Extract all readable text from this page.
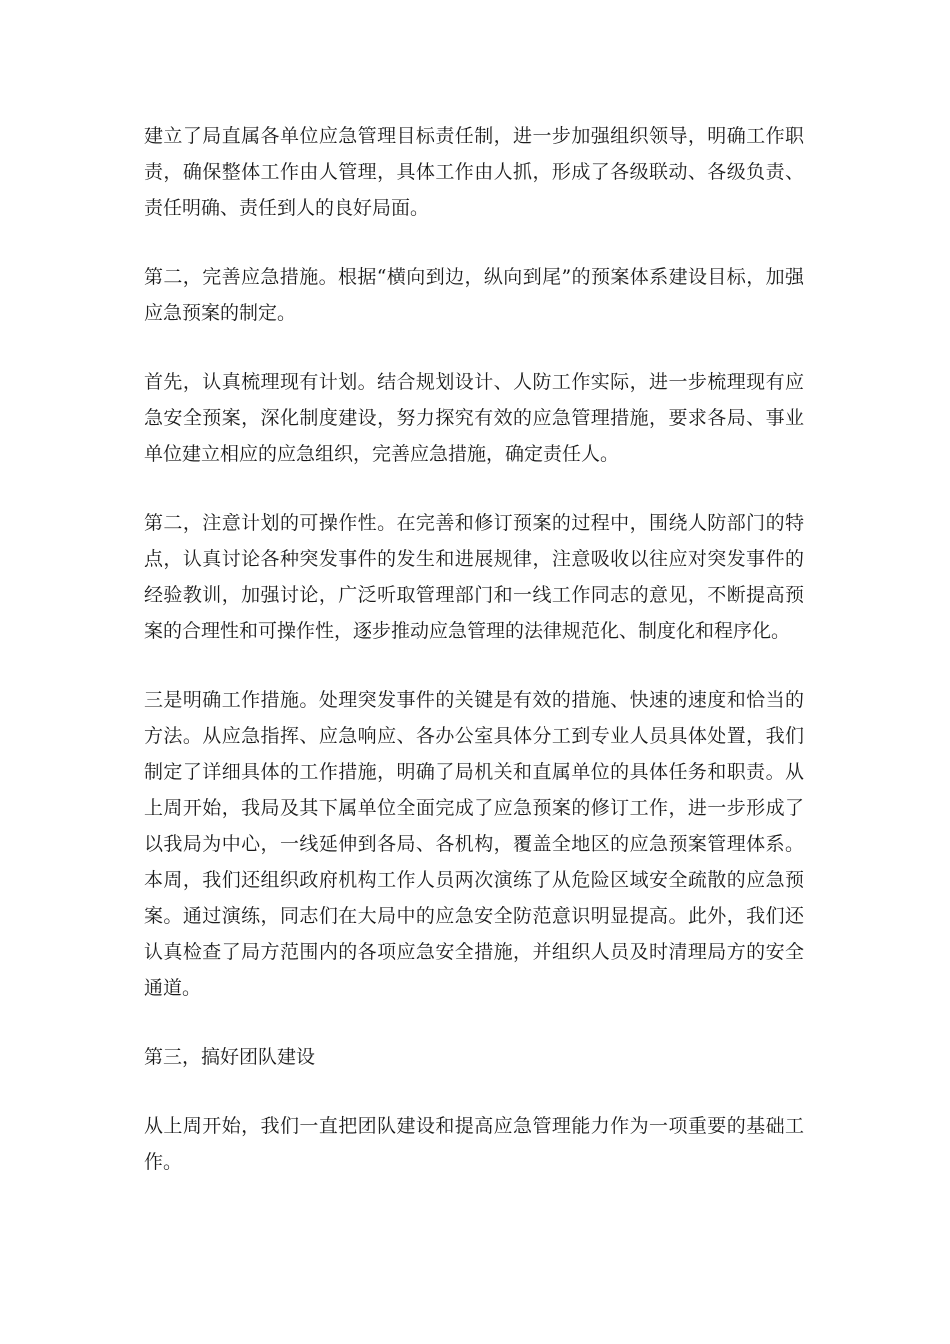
建立了局直属各单位应急管理目标责任制，进一步加强组织领导，明确工作职责，确保整体工作由人管理，具体工作由人抓，形成了各级联动、各级负责、责任明确、责任到人的良好局面。

第二，完善应急措施。根据“横向到边，纵向到尾”的预案体系建设目标，加强应急预案的制定。

首先，认真梳理现有计划。结合规划设计、人防工作实际，进一步梳理现有应急安全预案，深化制度建设，努力探究有效的应急管理措施，要求各局、事业单位建立相应的应急组织，完善应急措施，确定责任人。

第二，注意计划的可操作性。在完善和修订预案的过程中，围绕人防部门的特点，认真讨论各种突发事件的发生和进展规律，注意吸收以往应对突发事件的经验教训，加强讨论，广泛听取管理部门和一线工作同志的意见，不断提高预案的合理性和可操作性，逐步推动应急管理的法律规范化、制度化和程序化。

三是明确工作措施。处理突发事件的关键是有效的措施、快速的速度和恰当的方法。从应急指挥、应急响应、各办公室具体分工到专业人员具体处置，我们制定了详细具体的工作措施，明确了局机关和直属单位的具体任务和职责。从上周开始，我局及其下属单位全面完成了应急预案的修订工作，进一步形成了以我局为中心，一线延伸到各局、各机构，覆盖全地区的应急预案管理体系。本周，我们还组织政府机构工作人员两次演练了从危险区域安全疏散的应急预案。通过演练，同志们在大局中的应急安全防范意识明显提高。此外，我们还认真检查了局方范围内的各项应急安全措施，并组织人员及时清理局方的安全通道。

第三，搞好团队建设

从上周开始，我们一直把团队建设和提高应急管理能力作为一项重要的基础工作。
